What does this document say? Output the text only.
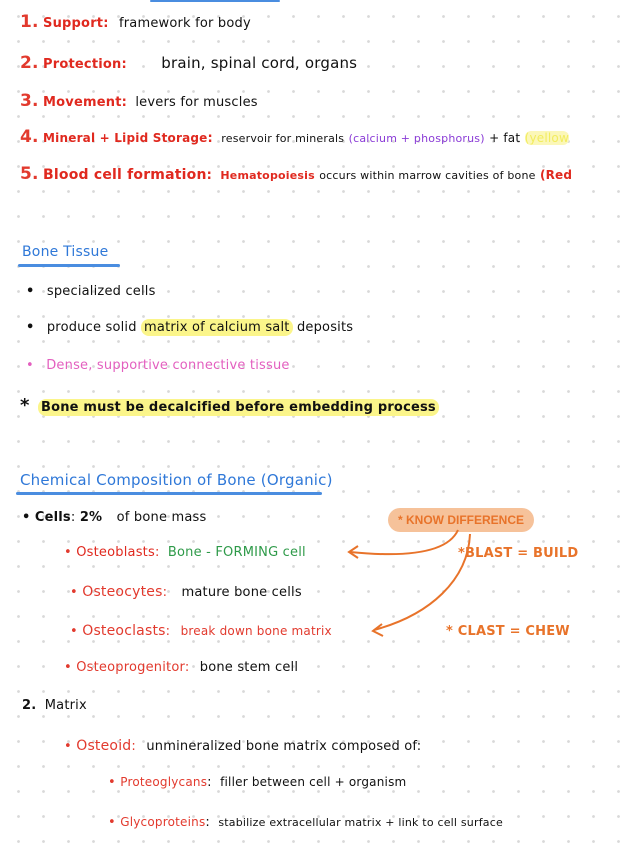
1. Support: framework for body
2. Protection: brain, spinal cord, organs
3. Movement: levers for muscles
4. Mineral + Lipid Storage: reservoir for minerals (calcium + phosphorus) + fat (yellow
5. Blood cell formation: Hematopoiesis occurs within marrow cavities of bone (Red
Bone Tissue
• specialized cells
• produce solid matrix of calcium salt deposits
• Dense, supportive connective tissue
* Bone must be decalcified before embedding process
Chemical Composition of Bone (Organic)
• Cells: 2% of bone mass	* KNOW DIFFERENCE
*BLAST = BUILD
* CLAST = CHEW
• Osteoblasts: Bone - FORMING cell
• Osteocytes: mature bone cells
• Osteoclasts: break down bone matrix
• Osteoprogenitor: bone stem cell
2. Matrix
• Osteoid: unmineralized bone matrix composed of:
• Proteoglycans: filler between cell + organism
• Glycoproteins: stabilize extracellular matrix + link to cell surface
